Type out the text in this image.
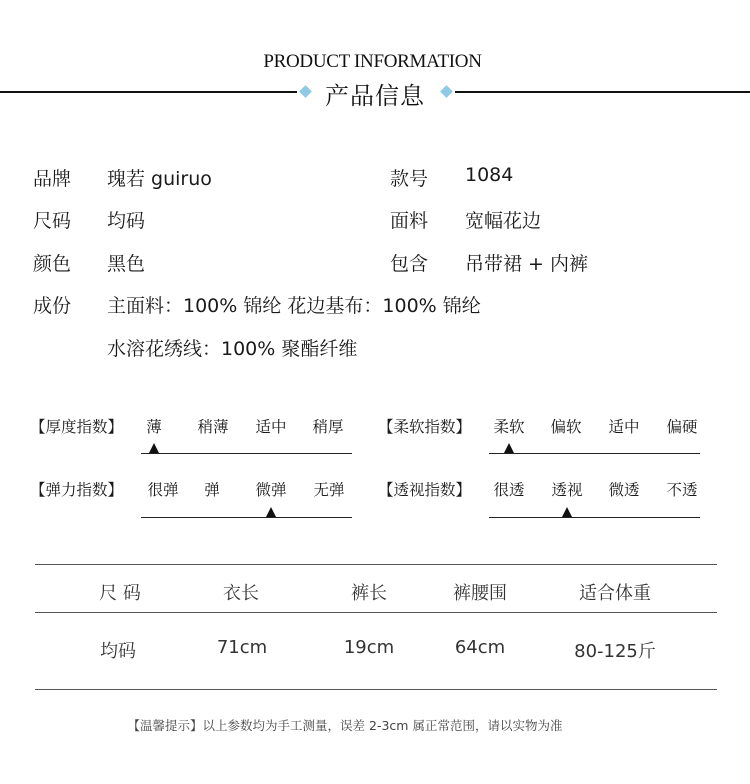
PRODUCT INFORMATION
产品信息
品牌 瑰若 guiruo	款号 1084
尺码 均码	面料 宽幅花边
颜色 黑色	包含 吊带裙 + 内裤
成份 主面料：100% 锦纶 花边基布：100% 锦纶
水溶花绣线：100% 聚酯纤维
【厚度指数】 薄 稍薄 适中 稍厚 【柔软指数】 柔软 偏软 适中 偏硬
【弹力指数】 很弹 弹 微弹 无弹 【透视指数】 很透 透视 微透 不透
尺 码	衣长	裤长	裤腰围	适合体重
均码	71cm	19cm	64cm	80-125斤
【温馨提示】以上参数均为手工测量，误差 2-3cm 属正常范围，请以实物为准
